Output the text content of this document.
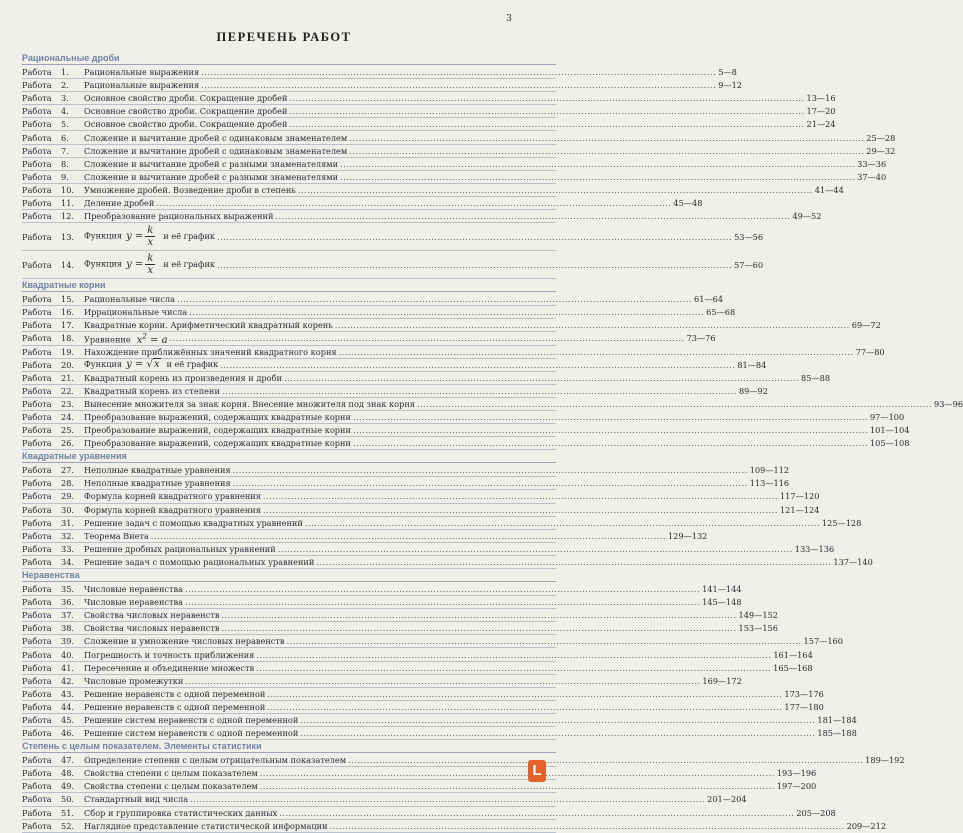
3
ПЕРЕЧЕНЬ РАБОТ
Рациональные дроби
Работа 1.	Рациональные выражения .....	5—8
Работа 2.	Рациональные выражения .....	9—12
Работа 3.	Основное свойство дроби. Сокращение дробей .....	13—16
Работа 4.	Основное свойство дроби. Сокращение дробей .....	17—20
Работа 5.	Основное свойство дроби. Сокращение дробей .....	21—24
Работа 6.	Сложение и вычитание дробей с одинаковым знаменателем .....	25—28
Работа 7.	Сложение и вычитание дробей с одинаковым знаменателем .....	29—32
Работа 8.	Сложение и вычитание дробей с разными знаменателями .....	33—36
Работа 9.	Сложение и вычитание дробей с разными знаменателями .....	37—40
Работа 10.	Умножение дробей. Возведение дроби в степень .....	41—44
Работа 11.	Деление дробей .....	45—48
Работа 12.	Преобразование рациональных выражений .....	49—52
Работа 13.	Функция $y = \frac{k}{x}$ и её график .....	53—56
Работа 14.	Функция $y = \frac{k}{x}$ и её график .....	57—60
Квадратные корни
Работа 15.	Рациональные числа .....	61—64
Работа 16.	Иррациональные числа .....	65—68
Работа 17.	Квадратные корни. Арифметический квадратный корень .....	69—72
Работа 18.	Уравнение $x^2 = a$ .....	73—76
Работа 19.	Нахождение приближённых значений квадратного корня .....	77—80
Работа 20.	Функция y = √ x и её график .....	81—84
Работа 21.	Квадратный корень из произведения и дроби .....	85—88
Работа 22.	Квадратный корень из степени .....	89—92
Работа 23.	Вынесение множителя за знак корня. Внесение множителя под знак корня .....	93—96
Работа 24.	Преобразование выражений, содержащих квадратные корни .....	97—100
Работа 25.	Преобразование выражений, содержащих квадратные корни .....	101—104
Работа 26.	Преобразование выражений, содержащих квадратные корни .....	105—108
Квадратные уравнения
Работа 27.	Неполные квадратные уравнения .....	109—112
Работа 28.	Неполные квадратные уравнения .....	113—116
Работа 29.	Формула корней квадратного уравнения .....	117—120
Работа 30.	Формула корней квадратного уравнения .....	121—124
Работа 31.	Решение задач с помощью квадратных уравнений .....	125—128
Работа 32.	Теорема Виета .....	129—132
Работа 33.	Решение дробных рациональных уравнений .....	133—136
Работа 34.	Решение задач с помощью рациональных уравнений .....	137—140
Неравенства
Работа 35.	Числовые неравенства .....	141—144
Работа 36.	Числовые неравенства .....	145—148
Работа 37.	Свойства числовых неравенств .....	149—152
Работа 38.	Свойства числовых неравенств .....	153—156
Работа 39.	Сложение и умножение числовых неравенств .....	157—160
Работа 40.	Погрешность и точность приближения .....	161—164
Работа 41.	Пересечение и объединение множеств .....	165—168
Работа 42.	Числовые промежутки .....	169—172
Работа 43.	Решение неравенств с одной переменной .....	173—176
Работа 44.	Решение неравенств с одной переменной .....	177—180
Работа 45.	Решение систем неравенств с одной переменной .....	181—184
Работа 46.	Решение систем неравенств с одной переменной .....	185—188
Степень с целым показателем. Элементы статистики
Работа 47.	Определение степени с целым отрицательным показателем .....	189—192
Работа 48.	Свойства степени с целым показателем .....	193—196
Работа 49.	Свойства степени с целым показателем .....	197—200
Работа 50.	Стандартный вид числа .....	201—204
Работа 51.	Сбор и группировка статистических данных .....	205—208
Работа 52.	Наглядное представление статистической информации .....	209—212
L
